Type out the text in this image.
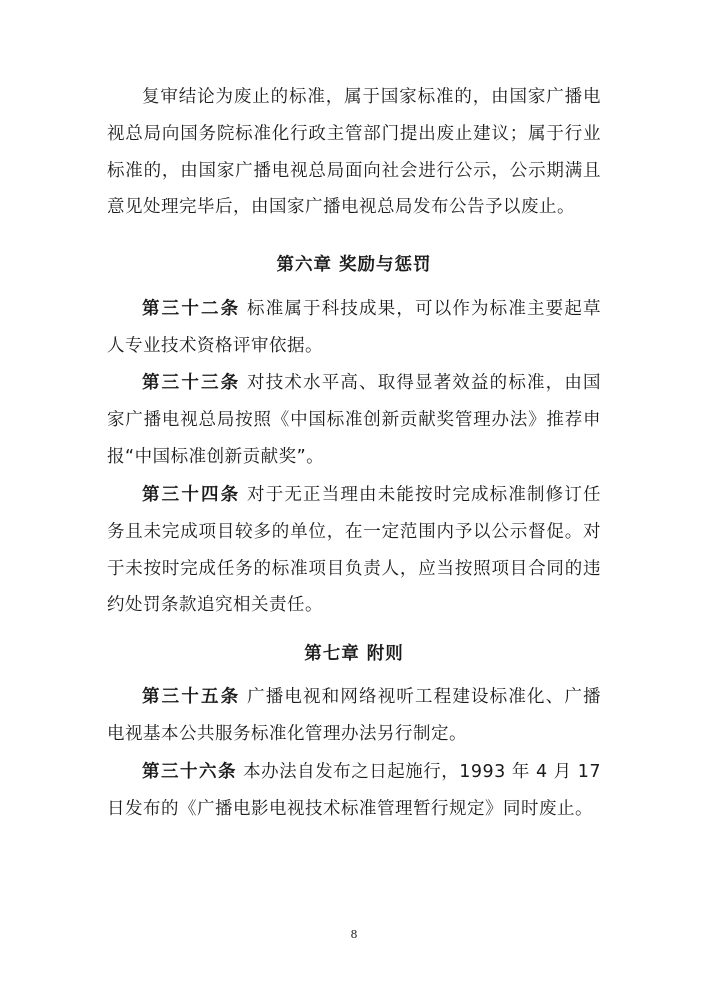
复审结论为废止的标准，属于国家标准的，由国家广播电视总局向国务院标准化行政主管部门提出废止建议；属于行业标准的，由国家广播电视总局面向社会进行公示，公示期满且意见处理完毕后，由国家广播电视总局发布公告予以废止。

第六章 奖励与惩罚

第三十二条 标准属于科技成果，可以作为标准主要起草人专业技术资格评审依据。

第三十三条 对技术水平高、取得显著效益的标准，由国家广播电视总局按照《中国标准创新贡献奖管理办法》推荐申报“中国标准创新贡献奖”。

第三十四条 对于无正当理由未能按时完成标准制修订任务且未完成项目较多的单位，在一定范围内予以公示督促。对于未按时完成任务的标准项目负责人，应当按照项目合同的违约处罚条款追究相关责任。

第七章 附则

第三十五条 广播电视和网络视听工程建设标准化、广播电视基本公共服务标准化管理办法另行制定。

第三十六条 本办法自发布之日起施行，1993 年 4 月 17 日发布的《广播电影电视技术标准管理暂行规定》同时废止。

8
